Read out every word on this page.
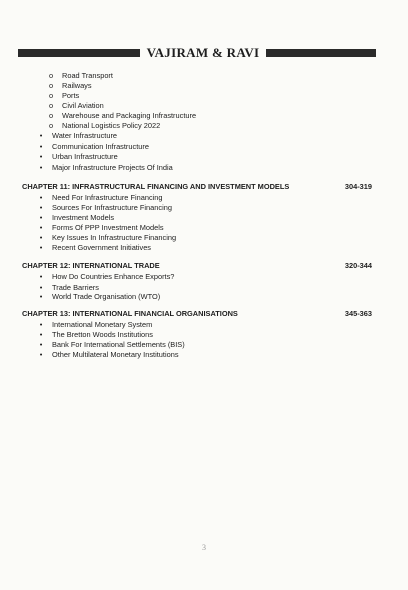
VAJIRAM & RAVI
o	Road Transport
o	Railways
o	Ports
o	Civil Aviation
o	Warehouse and Packaging Infrastructure
o	National Logistics Policy 2022
•	Water Infrastructure
•	Communication Infrastructure
•	Urban Infrastructure
•	Major Infrastructure Projects Of India
CHAPTER 11: INFRASTRUCTURAL FINANCING AND INVESTMENT MODELS	304-319
•	Need For Infrastructure Financing
•	Sources For Infrastructure Financing
•	Investment Models
•	Forms Of PPP Investment Models
•	Key Issues In Infrastructure Financing
•	Recent Government Initiatives
CHAPTER 12: INTERNATIONAL TRADE	320-344
•	How Do Countries Enhance Exports?
•	Trade Barriers
•	World Trade Organisation (WTO)
CHAPTER 13: INTERNATIONAL FINANCIAL ORGANISATIONS	345-363
•	International Monetary System
•	The Bretton Woods Institutions
•	Bank For International Settlements (BIS)
•	Other Multilateral Monetary Institutions
3
